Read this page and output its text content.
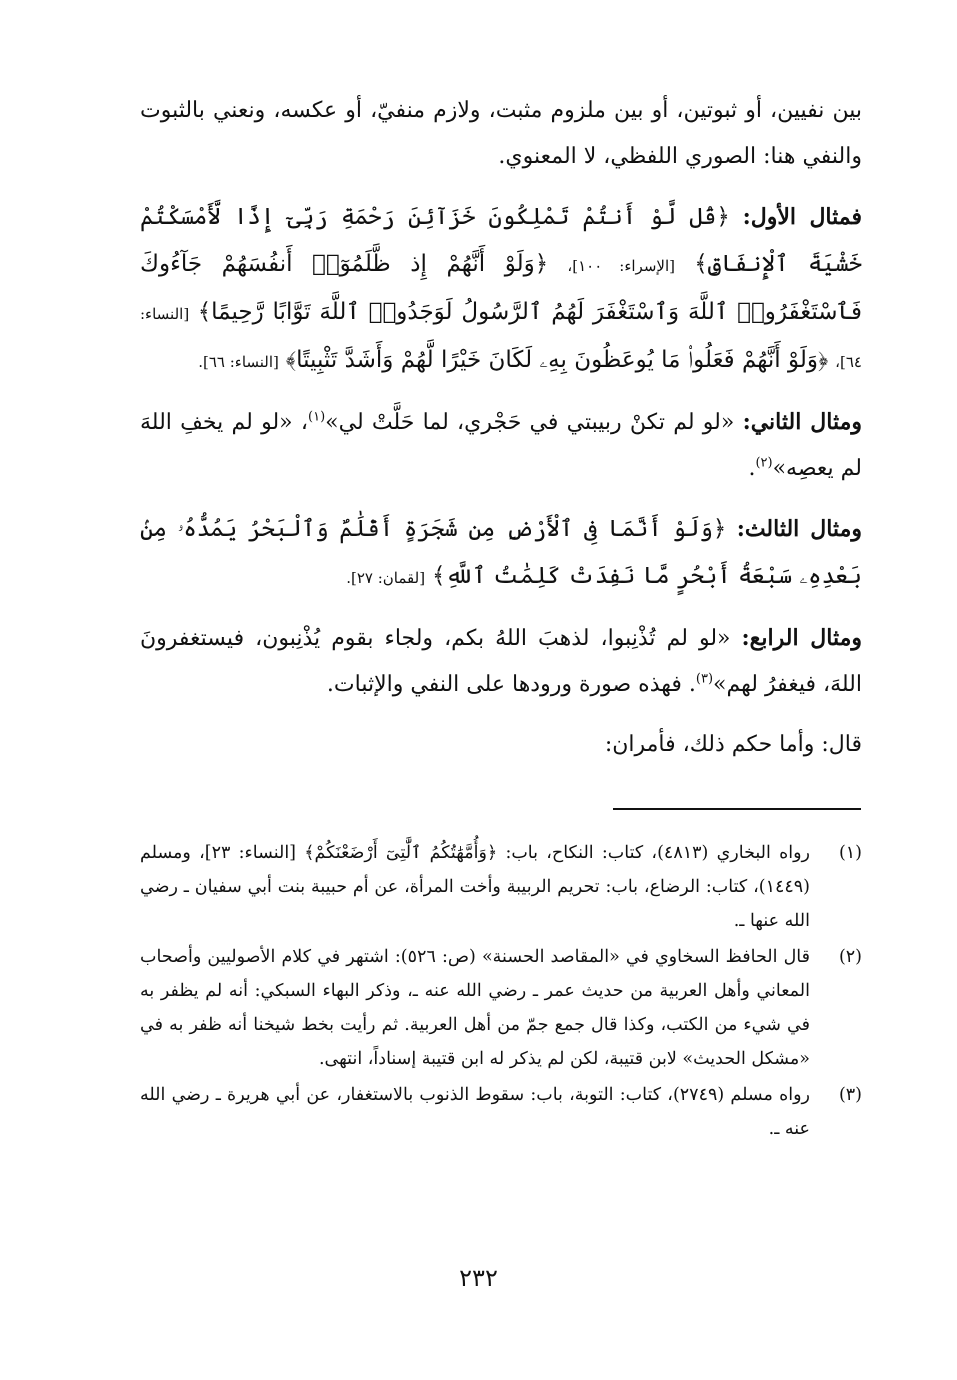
بين نفيين، أو ثبوتين، أو بين ملزوم مثبت، ولازم منفيّ، أو عكسه، ونعني بالثبوت والنفي هنا: الصوري اللفظي، لا المعنوي.

فمثال الأول: ﴿قُل لَّوْ أَنتُمْ تَمْلِكُونَ خَزَآئِنَ رَحْمَةِ رَبِّىٓ إِذًا لَّأَمْسَكْتُمْ خَشْيَةَ ٱلْإِنفَاقِ﴾ [الإسراء: ١٠٠]، ﴿وَلَوْ أَنَّهُمْ إِذ ظَّلَمُوٓا۟ أَنفُسَهُمْ جَآءُوكَ فَٱسْتَغْفَرُوا۟ ٱللَّهَ وَٱسْتَغْفَرَ لَهُمُ ٱلرَّسُولُ لَوَجَدُوا۟ ٱللَّهَ تَوَّابًا رَّحِيمًا﴾ [النساء: ٦٤]، ﴿وَلَوْ أَنَّهُمْ فَعَلُوا۟ مَا يُوعَظُونَ بِهِۦ لَكَانَ خَيْرًا لَّهُمْ وَأَشَدَّ تَثْبِيتًا﴾ [النساء: ٦٦].

ومثال الثاني: «لو لم تكنْ ربيبتي في حَجْري، لما حَلَّتْ لي»$^{(١)}$، «لو لم يخفِ اللهَ لم يعصِه»$^{(٢)}$.

ومثال الثالث: ﴿وَلَوْ أَنَّمَا فِى ٱلْأَرْضِ مِن شَجَرَةٍ أَقْلَٰمٌ وَٱلْبَحْرُ يَمُدُّهُۥ مِنۢ بَعْدِهِۦ سَبْعَةُ أَبْحُرٍ مَّا نَفِدَتْ كَلِمَٰتُ ٱللَّهِ﴾ [لقمان: ٢٧].

ومثال الرابع: «لو لم تُذْنِبوا، لذهبَ اللهُ بكم، ولجاء بقوم يُذْنِبون، فيستغفرونَ اللهَ، فيغفرُ لهم»$^{(٣)}$. فهذه صورة ورودها على النفي والإثبات.

قال: وأما حكم ذلك، فأمران:

(١)
رواه البخاري (٤٨١٣)، كتاب: النكاح، باب: ﴿وَأُمَّهَٰتُكُمُ ٱلَّٰتِىٓ أَرْضَعْنَكُمْ﴾ [النساء: ٢٣]، ومسلم (١٤٤٩)، كتاب: الرضاع، باب: تحريم الربيبة وأخت المرأة، عن أم حبيبة بنت أبي سفيان ـ رضي الله عنها ـ.
(٢)
قال الحافظ السخاوي في «المقاصد الحسنة» (ص: ٥٢٦): اشتهر في كلام الأصوليين وأصحاب المعاني وأهل العربية من حديث عمر ـ رضي الله عنه ـ، وذكر البهاء السبكي: أنه لم يظفر به في شيء من الكتب، وكذا قال جمع جمّ من أهل العربية. ثم رأيت بخط شيخنا أنه ظفر به في «مشكل الحديث» لابن قتيبة، لكن لم يذكر له ابن قتيبة إسناداً، انتهى.
(٣)
رواه مسلم (٢٧٤٩)، كتاب: التوبة، باب: سقوط الذنوب بالاستغفار، عن أبي هريرة ـ رضي الله عنه ـ.
٢٣٢
